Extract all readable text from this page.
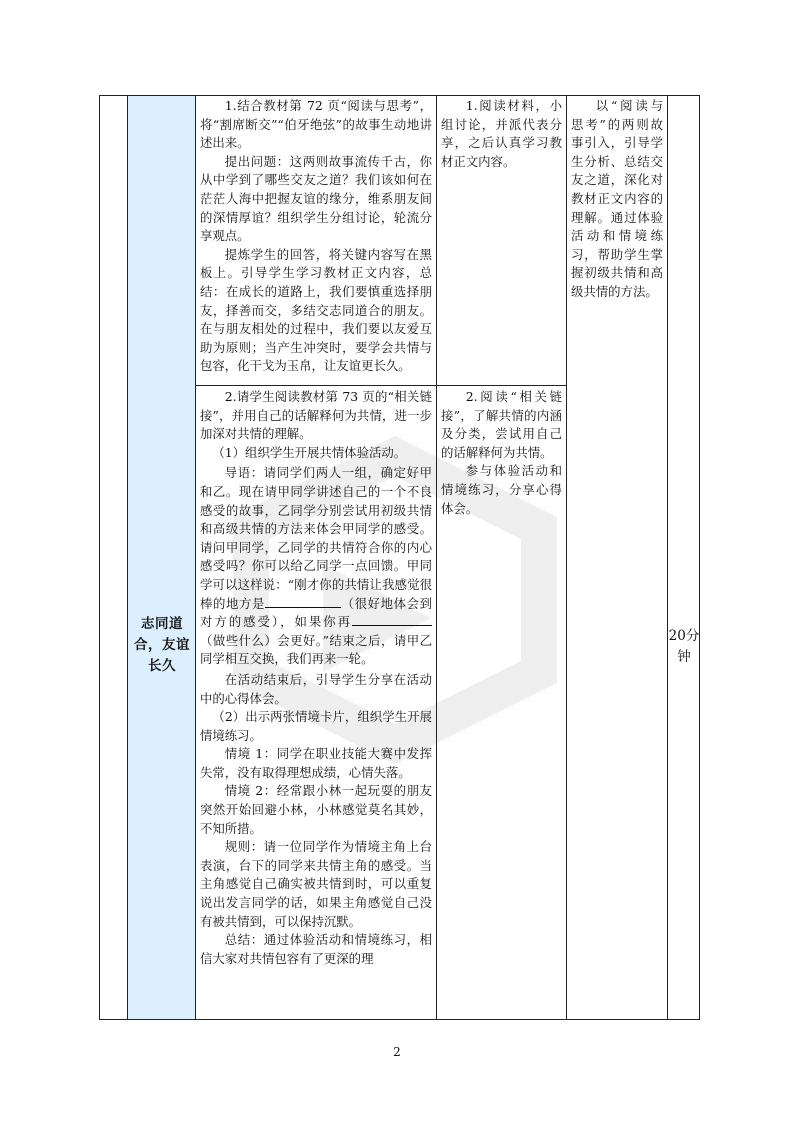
志同道合，友谊长久

1.结合教材第 72 页“阅读与思考”，将“割席断交”“伯牙绝弦”的故事生动地讲述出来。

提出问题：这两则故事流传千古，你从中学到了哪些交友之道？我们该如何在茫茫人海中把握友谊的缘分，维系朋友间的深情厚谊？组织学生分组讨论，轮流分享观点。

提炼学生的回答，将关键内容写在黑板上。引导学生学习教材正文内容，总结：在成长的道路上，我们要慎重选择朋友，择善而交，多结交志同道合的朋友。在与朋友相处的过程中，我们要以友爱互助为原则；当产生冲突时，要学会共情与包容，化干戈为玉帛，让友谊更长久。

1.阅读材料，小组讨论，并派代表分享，之后认真学习教材正文内容。

以“阅读与思考”的两则故事引入，引导学生分析、总结交友之道，深化对教材正文内容的理解。通过体验活动和情境练习，帮助学生掌握初级共情和高级共情的方法。

2.请学生阅读教材第 73 页的“相关链接”，并用自己的话解释何为共情，进一步加深对共情的理解。

（1）组织学生开展共情体验活动。

导语：请同学们两人一组，确定好甲和乙。现在请甲同学讲述自己的一个不良感受的故事，乙同学分别尝试用初级共情和高级共情的方法来体会甲同学的感受。请问甲同学，乙同学的共情符合你的内心感受吗？你可以给乙同学一点回馈。甲同学可以这样说：“刚才你的共情让我感觉很棒的地方是	（很好地体会到对方的感受），如果你再（做些什么）会更好。”结束之后，请甲乙同学相互交换，我们再来一轮。

在活动结束后，引导学生分享在活动中的心得体会。

（2）出示两张情境卡片，组织学生开展情境练习。

情境 1：同学在职业技能大赛中发挥失常，没有取得理想成绩，心情失落。

情境 2：经常跟小林一起玩耍的朋友突然开始回避小林，小林感觉莫名其妙，不知所措。

规则：请一位同学作为情境主角上台表演，台下的同学来共情主角的感受。当主角感觉自己确实被共情到时，可以重复说出发言同学的话，如果主角感觉自己没有被共情到，可以保持沉默。

总结：通过体验活动和情境练习，相信大家对共情包容有了更深的理

2.阅读“相关链接”，了解共情的内涵及分类，尝试用自己的话解释何为共情。

参与体验活动和情境练习，分享心得体会。

20分钟
2
